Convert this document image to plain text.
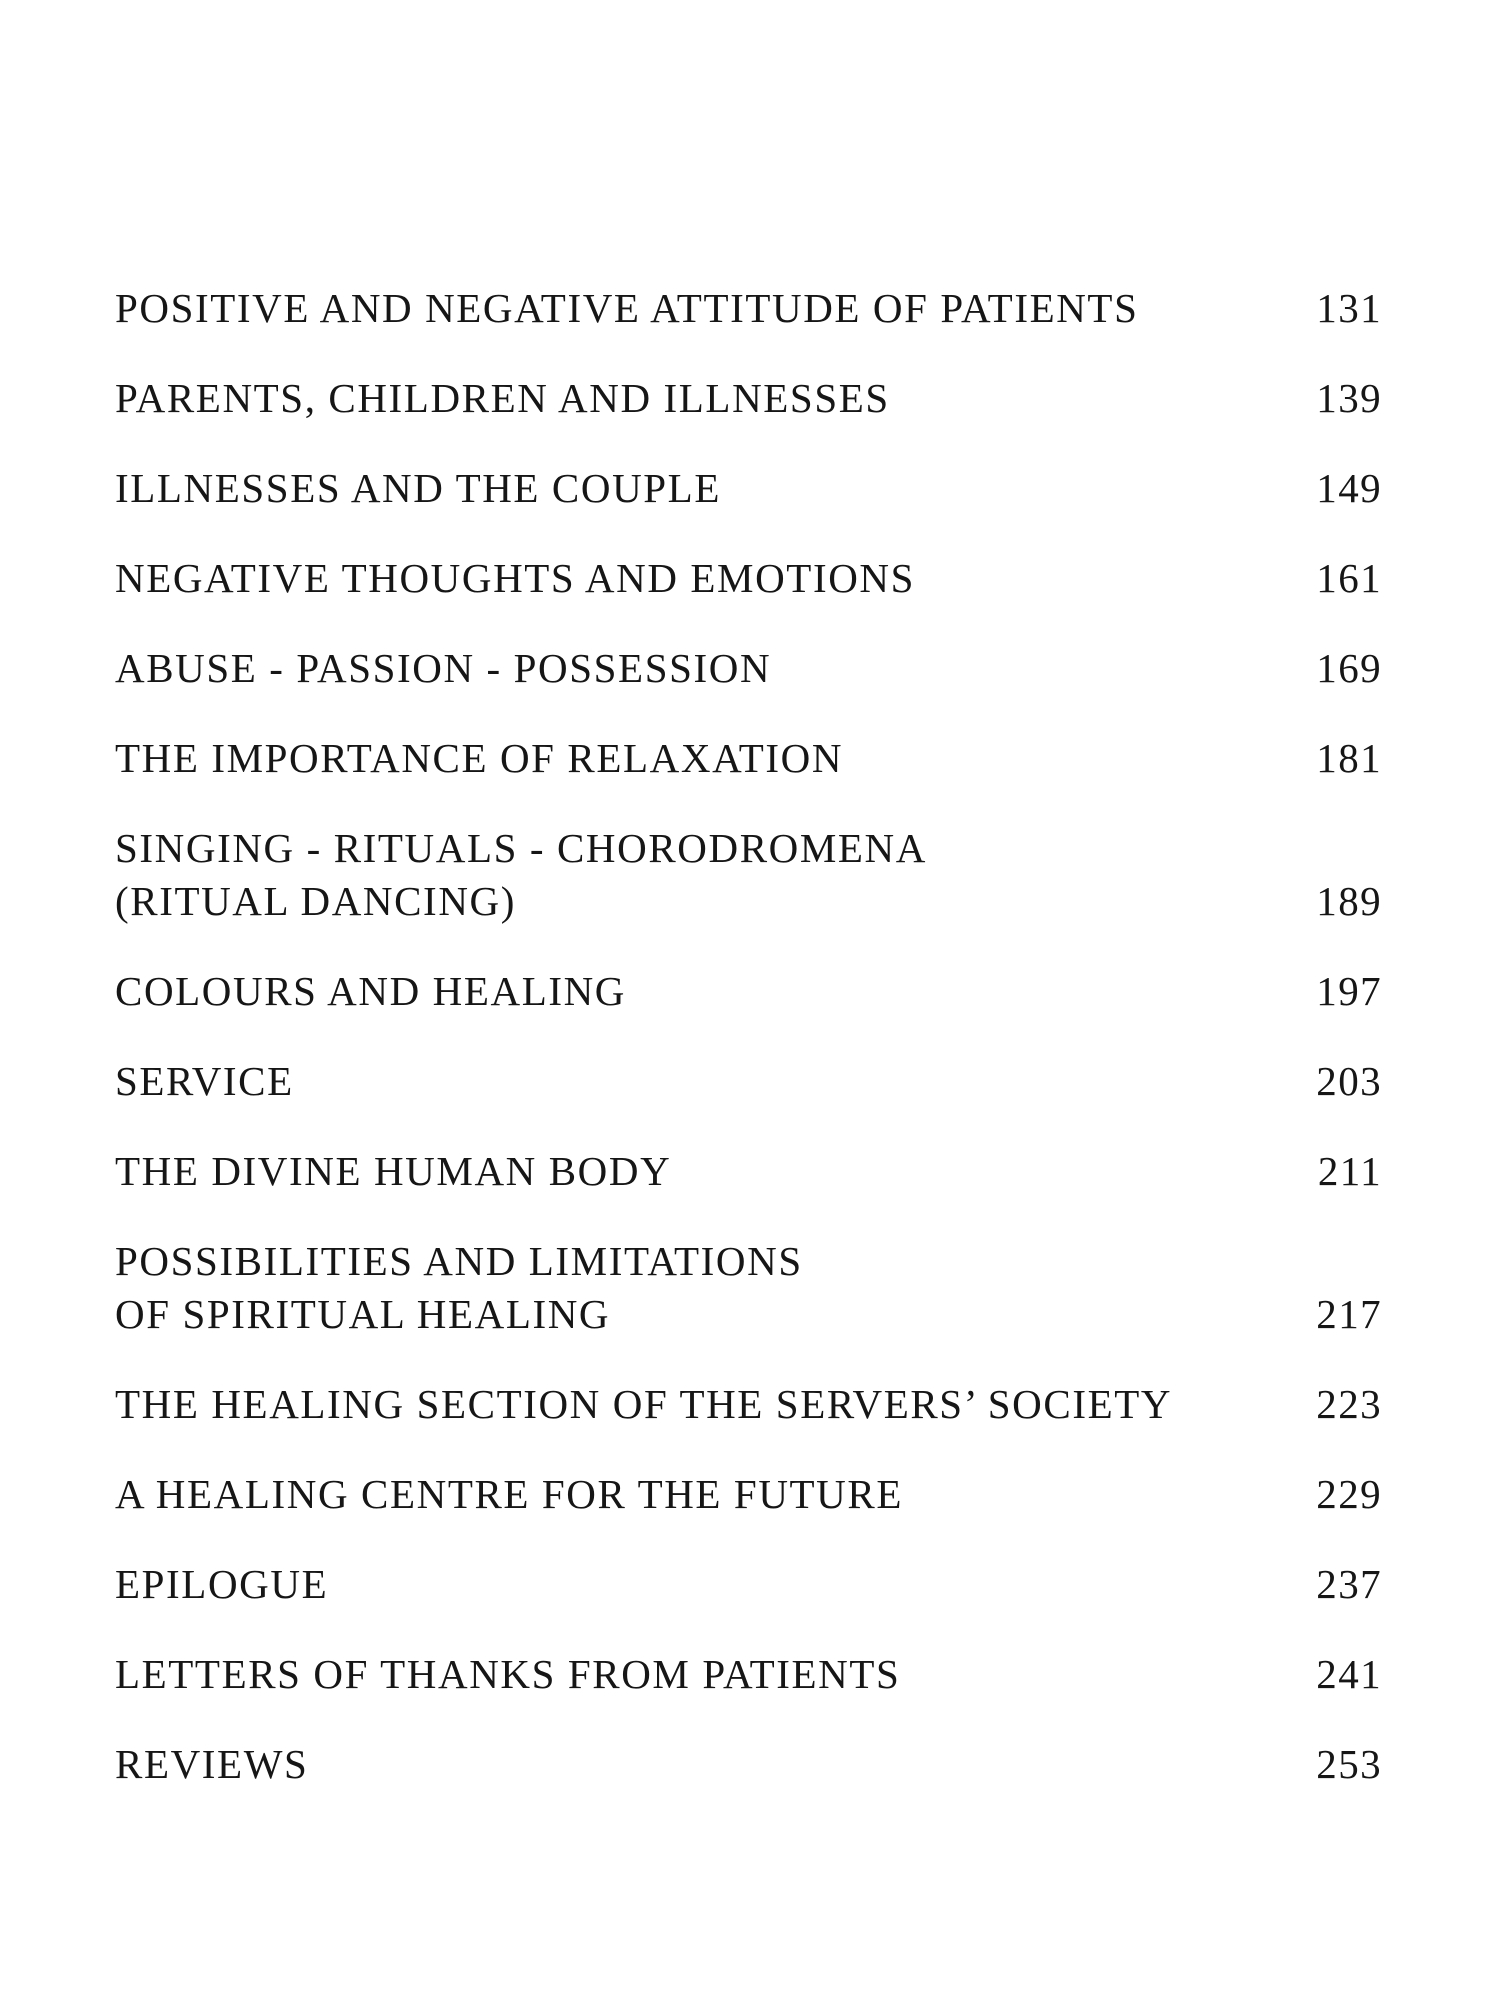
POSITIVE AND NEGATIVE ATTITUDE OF PATIENTS	131
PARENTS, CHILDREN AND ILLNESSES	139
ILLNESSES AND THE COUPLE	149
NEGATIVE THOUGHTS AND EMOTIONS	161
ABUSE - PASSION - POSSESSION	169
THE IMPORTANCE OF RELAXATION	181
SINGING - RITUALS - CHORODROMENA
(RITUAL DANCING)	189
COLOURS AND HEALING	197
SERVICE	203
THE DIVINE HUMAN BODY	211
POSSIBILITIES AND LIMITATIONS
OF SPIRITUAL HEALING	217
THE HEALING SECTION OF THE SERVERS’ SOCIETY	223
A HEALING CENTRE FOR THE FUTURE	229
EPILOGUE	237
LETTERS OF THANKS FROM PATIENTS	241
REVIEWS	253
